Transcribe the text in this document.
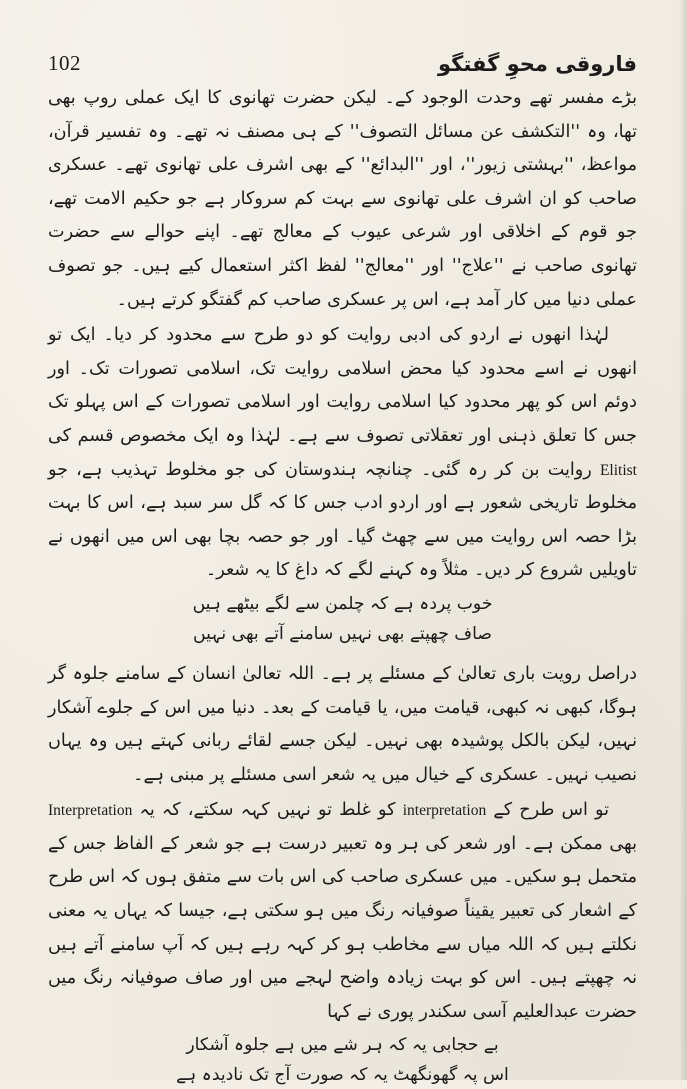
102	فاروقی محوِ گفتگو

بڑے مفسر تھے وحدت الوجود کے۔ لیکن حضرت تھانوی کا ایک عملی روپ بھی تھا، وہ ''التکشف عن مسائل التصوف'' کے ہی مصنف نہ تھے۔ وہ تفسیر قرآن، مواعظ، ''بہشتی زیور''، اور ''البدائع'' کے بھی اشرف علی تھانوی تھے۔ عسکری صاحب کو ان اشرف علی تھانوی سے بہت کم سروکار ہے جو حکیم الامت تھے، جو قوم کے اخلاقی اور شرعی عیوب کے معالج تھے۔ اپنے حوالے سے حضرت تھانوی صاحب نے ''علاج'' اور ''معالج'' لفظ اکثر استعمال کیے ہیں۔ جو تصوف عملی دنیا میں کار آمد ہے، اس پر عسکری صاحب کم گفتگو کرتے ہیں۔

لہٰذا انھوں نے اردو کی ادبی روایت کو دو طرح سے محدود کر دیا۔ ایک تو انھوں نے اسے محدود کیا محض اسلامی روایت تک، اسلامی تصورات تک۔ اور دوئم اس کو پھر محدود کیا اسلامی روایت اور اسلامی تصورات کے اس پہلو تک جس کا تعلق ذہنی اور تعقلاتی تصوف سے ہے۔ لہٰذا وہ ایک مخصوص قسم کی Elitist روایت بن کر رہ گئی۔ چنانچہ ہندوستان کی جو مخلوط تہذیب ہے، جو مخلوط تاریخی شعور ہے اور اردو ادب جس کا کہ گل سر سبد ہے، اس کا بہت بڑا حصہ اس روایت میں سے چھٹ گیا۔ اور جو حصہ بچا بھی اس میں انھوں نے تاویلیں شروع کر دیں۔ مثلاً وہ کہنے لگے کہ داغ کا یہ شعر۔

خوب پردہ ہے کہ چلمن سے لگے بیٹھے ہیں

صاف چھپتے بھی نہیں سامنے آتے بھی نہیں

دراصل رویت باری تعالیٰ کے مسئلے پر ہے۔ اللہ تعالیٰ انسان کے سامنے جلوہ گر ہوگا، کبھی نہ کبھی، قیامت میں، یا قیامت کے بعد۔ دنیا میں اس کے جلوے آشکار نہیں، لیکن بالکل پوشیدہ بھی نہیں۔ لیکن جسے لقائے ربانی کہتے ہیں وہ یہاں نصیب نہیں۔ عسکری کے خیال میں یہ شعر اسی مسئلے پر مبنی ہے۔

تو اس طرح کے interpretation کو غلط تو نہیں کہہ سکتے، کہ یہ Interpretation بھی ممکن ہے۔ اور شعر کی ہر وہ تعبیر درست ہے جو شعر کے الفاظ جس کے متحمل ہو سکیں۔ میں عسکری صاحب کی اس بات سے متفق ہوں کہ اس طرح کے اشعار کی تعبیر یقیناً صوفیانہ رنگ میں ہو سکتی ہے، جیسا کہ یہاں یہ معنی نکلتے ہیں کہ اللہ میاں سے مخاطب ہو کر کہہ رہے ہیں کہ آپ سامنے آتے ہیں نہ چھپتے ہیں۔ اس کو بہت زیادہ واضح لہجے میں اور صاف صوفیانہ رنگ میں حضرت عبدالعلیم آسی سکندر پوری نے کہا

بے حجابی یہ کہ ہر شے میں ہے جلوہ آشکار

اس پہ گھونگھٹ یہ کہ صورت آج تک نادیدہ ہے
